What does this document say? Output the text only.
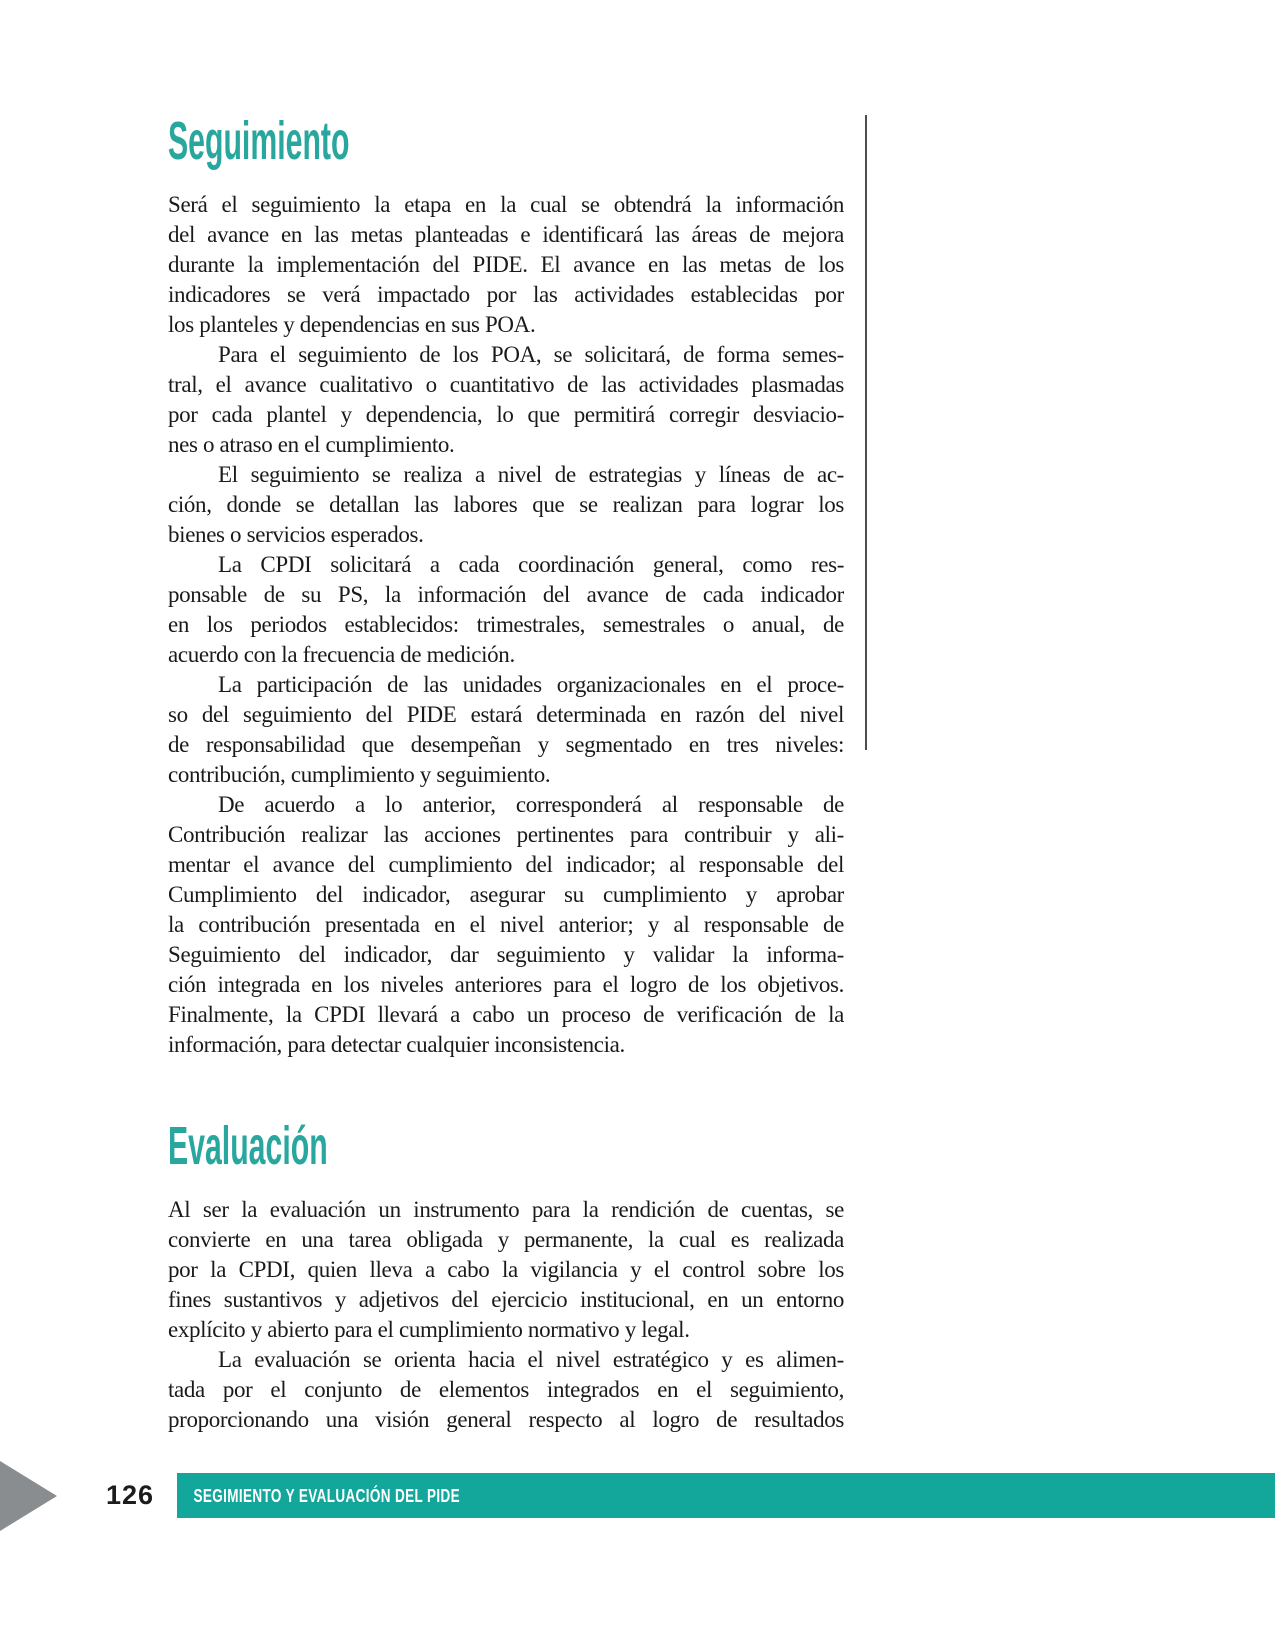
Seguimiento
Será el seguimiento la etapa en la cual se obtendrá la información
del avance en las metas planteadas e identificará las áreas de mejora
durante la implementación del PIDE. El avance en las metas de los
indicadores se verá impactado por las actividades establecidas por
los planteles y dependencias en sus POA.
Para el seguimiento de los POA, se solicitará, de forma semes-
tral, el avance cualitativo o cuantitativo de las actividades plasmadas
por cada plantel y dependencia, lo que permitirá corregir desviacio-
nes o atraso en el cumplimiento.
El seguimiento se realiza a nivel de estrategias y líneas de ac-
ción, donde se detallan las labores que se realizan para lograr los
bienes o servicios esperados.
La CPDI solicitará a cada coordinación general, como res-
ponsable de su PS, la información del avance de cada indicador
en los periodos establecidos: trimestrales, semestrales o anual, de
acuerdo con la frecuencia de medición.
La participación de las unidades organizacionales en el proce-
so del seguimiento del PIDE estará determinada en razón del nivel
de responsabilidad que desempeñan y segmentado en tres niveles:
contribución, cumplimiento y seguimiento.
De acuerdo a lo anterior, corresponderá al responsable de
Contribución realizar las acciones pertinentes para contribuir y ali-
mentar el avance del cumplimiento del indicador; al responsable del
Cumplimiento del indicador, asegurar su cumplimiento y aprobar
la contribución presentada en el nivel anterior; y al responsable de
Seguimiento del indicador, dar seguimiento y validar la informa-
ción integrada en los niveles anteriores para el logro de los objetivos.
Finalmente, la CPDI llevará a cabo un proceso de verificación de la
información, para detectar cualquier inconsistencia.
Evaluación
Al ser la evaluación un instrumento para la rendición de cuentas, se
convierte en una tarea obligada y permanente, la cual es realizada
por la CPDI, quien lleva a cabo la vigilancia y el control sobre los
fines sustantivos y adjetivos del ejercicio institucional, en un entorno
explícito y abierto para el cumplimiento normativo y legal.
La evaluación se orienta hacia el nivel estratégico y es alimen-
tada por el conjunto de elementos integrados en el seguimiento,
proporcionando una visión general respecto al logro de resultados
126	SEGIMIENTO Y EVALUACIÓN DEL PIDE
